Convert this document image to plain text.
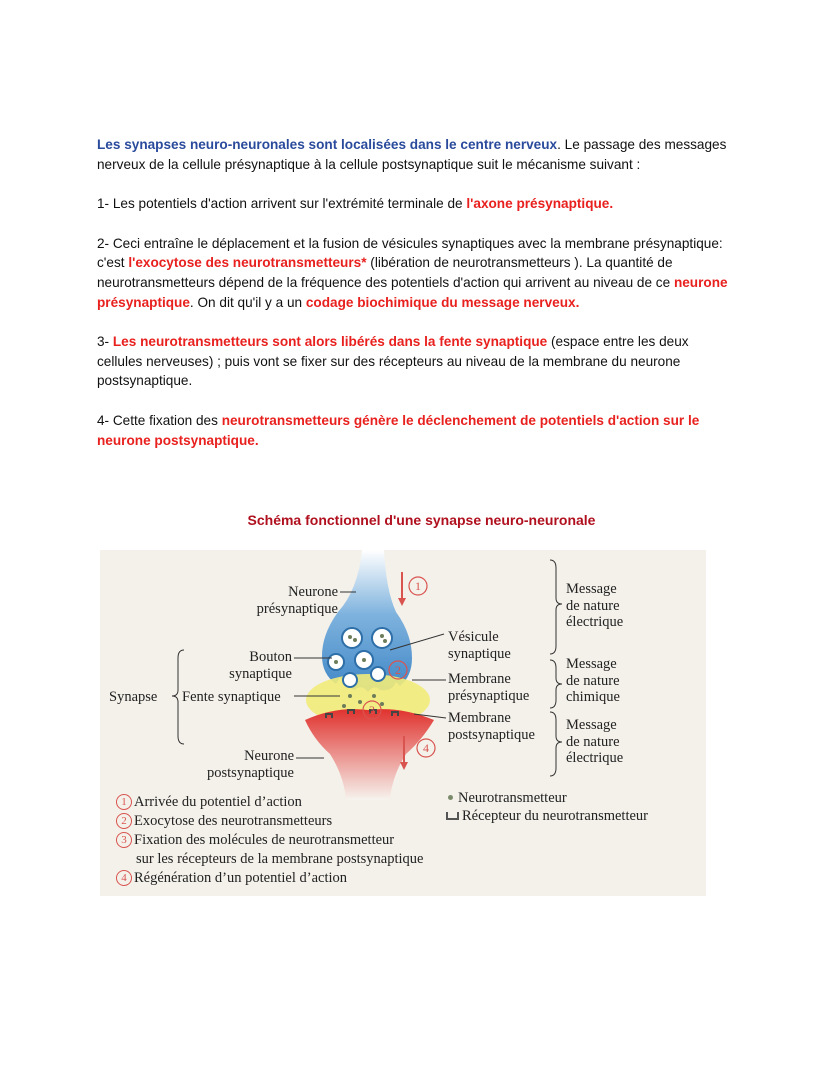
Les synapses neuro-neuronales sont localisées dans le centre nerveux. Le passage des messages nerveux de la cellule présynaptique à la cellule postsynaptique suit le mécanisme suivant :

1- Les potentiels d'action arrivent sur l'extrémité terminale de l'axone présynaptique.

2- Ceci entraîne le déplacement et la fusion de vésicules synaptiques avec la membrane présynaptique: c'est l'exocytose des neurotransmetteurs* (libération de neurotransmetteurs ). La quantité de neurotransmetteurs dépend de la fréquence des potentiels d'action qui arrivent au niveau de ce neurone présynaptique. On dit qu'il y a un codage biochimique du message nerveux.

3- Les neurotransmetteurs sont alors libérés dans la fente synaptique (espace entre les deux cellules nerveuses) ; puis vont se fixer sur des récepteurs au niveau de la membrane du neurone postsynaptique.

4- Cette fixation des neurotransmetteurs génère le déclenchement de potentiels d'action sur le neurone postsynaptique.

Schéma fonctionnel d'une synapse neuro-neuronale
1
2
3
4
Neurone
présynaptique
Bouton
synaptique
Synapse Fente synaptique
Neurone
postsynaptique
Vésicule
synaptique
Membrane
présynaptique
Membrane
postsynaptique
Message
de nature
électrique
Message
de nature
chimique
Message
de nature
électrique
1 Arrivée du potentiel d’action
2 Exocytose des neurotransmetteurs
3 Fixation des molécules de neurotransmetteur
sur les récepteurs de la membrane postsynaptique
4 Régénération d’un potentiel d’action
Neurotransmetteur
Récepteur du neurotransmetteur
